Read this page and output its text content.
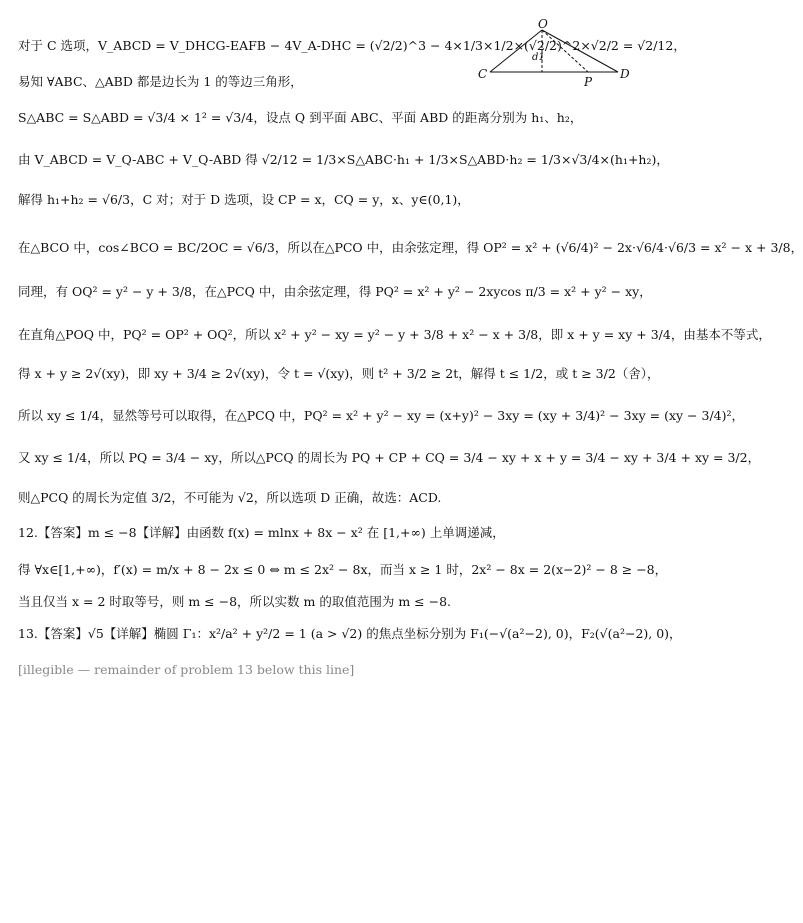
O
C	D
P
d1
对于 C 选项，V_ABCD = V_DHCG-EAFB − 4V_A-DHC = (√2/2)^3 − 4×1/3×1/2×(√2/2)^2×√2/2 = √2/12，
易知 ∀ABC、△ABD 都是边长为 1 的等边三角形，
S△ABC = S△ABD = √3/4 × 1² = √3/4，设点 Q 到平面 ABC、平面 ABD 的距离分别为 h₁、h₂，
由 V_ABCD = V_Q-ABC + V_Q-ABD 得 √2/12 = 1/3×S△ABC·h₁ + 1/3×S△ABD·h₂ = 1/3×√3/4×(h₁+h₂)，
解得 h₁+h₂ = √6/3，C 对；对于 D 选项，设 CP = x，CQ = y，x、y∈(0,1)，
在△BCO 中，cos∠BCO = BC/2OC = √6/3，所以在△PCO 中，由余弦定理，得 OP² = x² + (√6/4)² − 2x·√6/4·√6/3 = x² − x + 3/8，
同理，有 OQ² = y² − y + 3/8，在△PCQ 中，由余弦定理，得 PQ² = x² + y² − 2xycos π/3 = x² + y² − xy，
在直角△POQ 中，PQ² = OP² + OQ²，所以 x² + y² − xy = y² − y + 3/8 + x² − x + 3/8，即 x + y = xy + 3/4，由基本不等式，
得 x + y ≥ 2√(xy)，即 xy + 3/4 ≥ 2√(xy)，令 t = √(xy)，则 t² + 3/2 ≥ 2t，解得 t ≤ 1/2，或 t ≥ 3/2（舍），
所以 xy ≤ 1/4，显然等号可以取得，在△PCQ 中，PQ² = x² + y² − xy = (x+y)² − 3xy = (xy + 3/4)² − 3xy = (xy − 3/4)²，
又 xy ≤ 1/4，所以 PQ = 3/4 − xy，所以△PCQ 的周长为 PQ + CP + CQ = 3/4 − xy + x + y = 3/4 − xy + 3/4 + xy = 3/2，
则△PCQ 的周长为定值 3/2，不可能为 √2，所以选项 D 正确，故选：ACD.
12.【答案】m ≤ −8【详解】由函数 f(x) = mlnx + 8x − x² 在 [1,+∞) 上单调递减，
得 ∀x∈[1,+∞)，f′(x) = m/x + 8 − 2x ≤ 0 ⇔ m ≤ 2x² − 8x，而当 x ≥ 1 时，2x² − 8x = 2(x−2)² − 8 ≥ −8，
当且仅当 x = 2 时取等号，则 m ≤ −8，所以实数 m 的取值范围为 m ≤ −8.
13.【答案】√5【详解】椭圆 Γ₁：x²/a² + y²/2 = 1 (a > √2) 的焦点坐标分别为 F₁(−√(a²−2), 0)，F₂(√(a²−2), 0)，
[illegible — remainder of problem 13 below this line]
